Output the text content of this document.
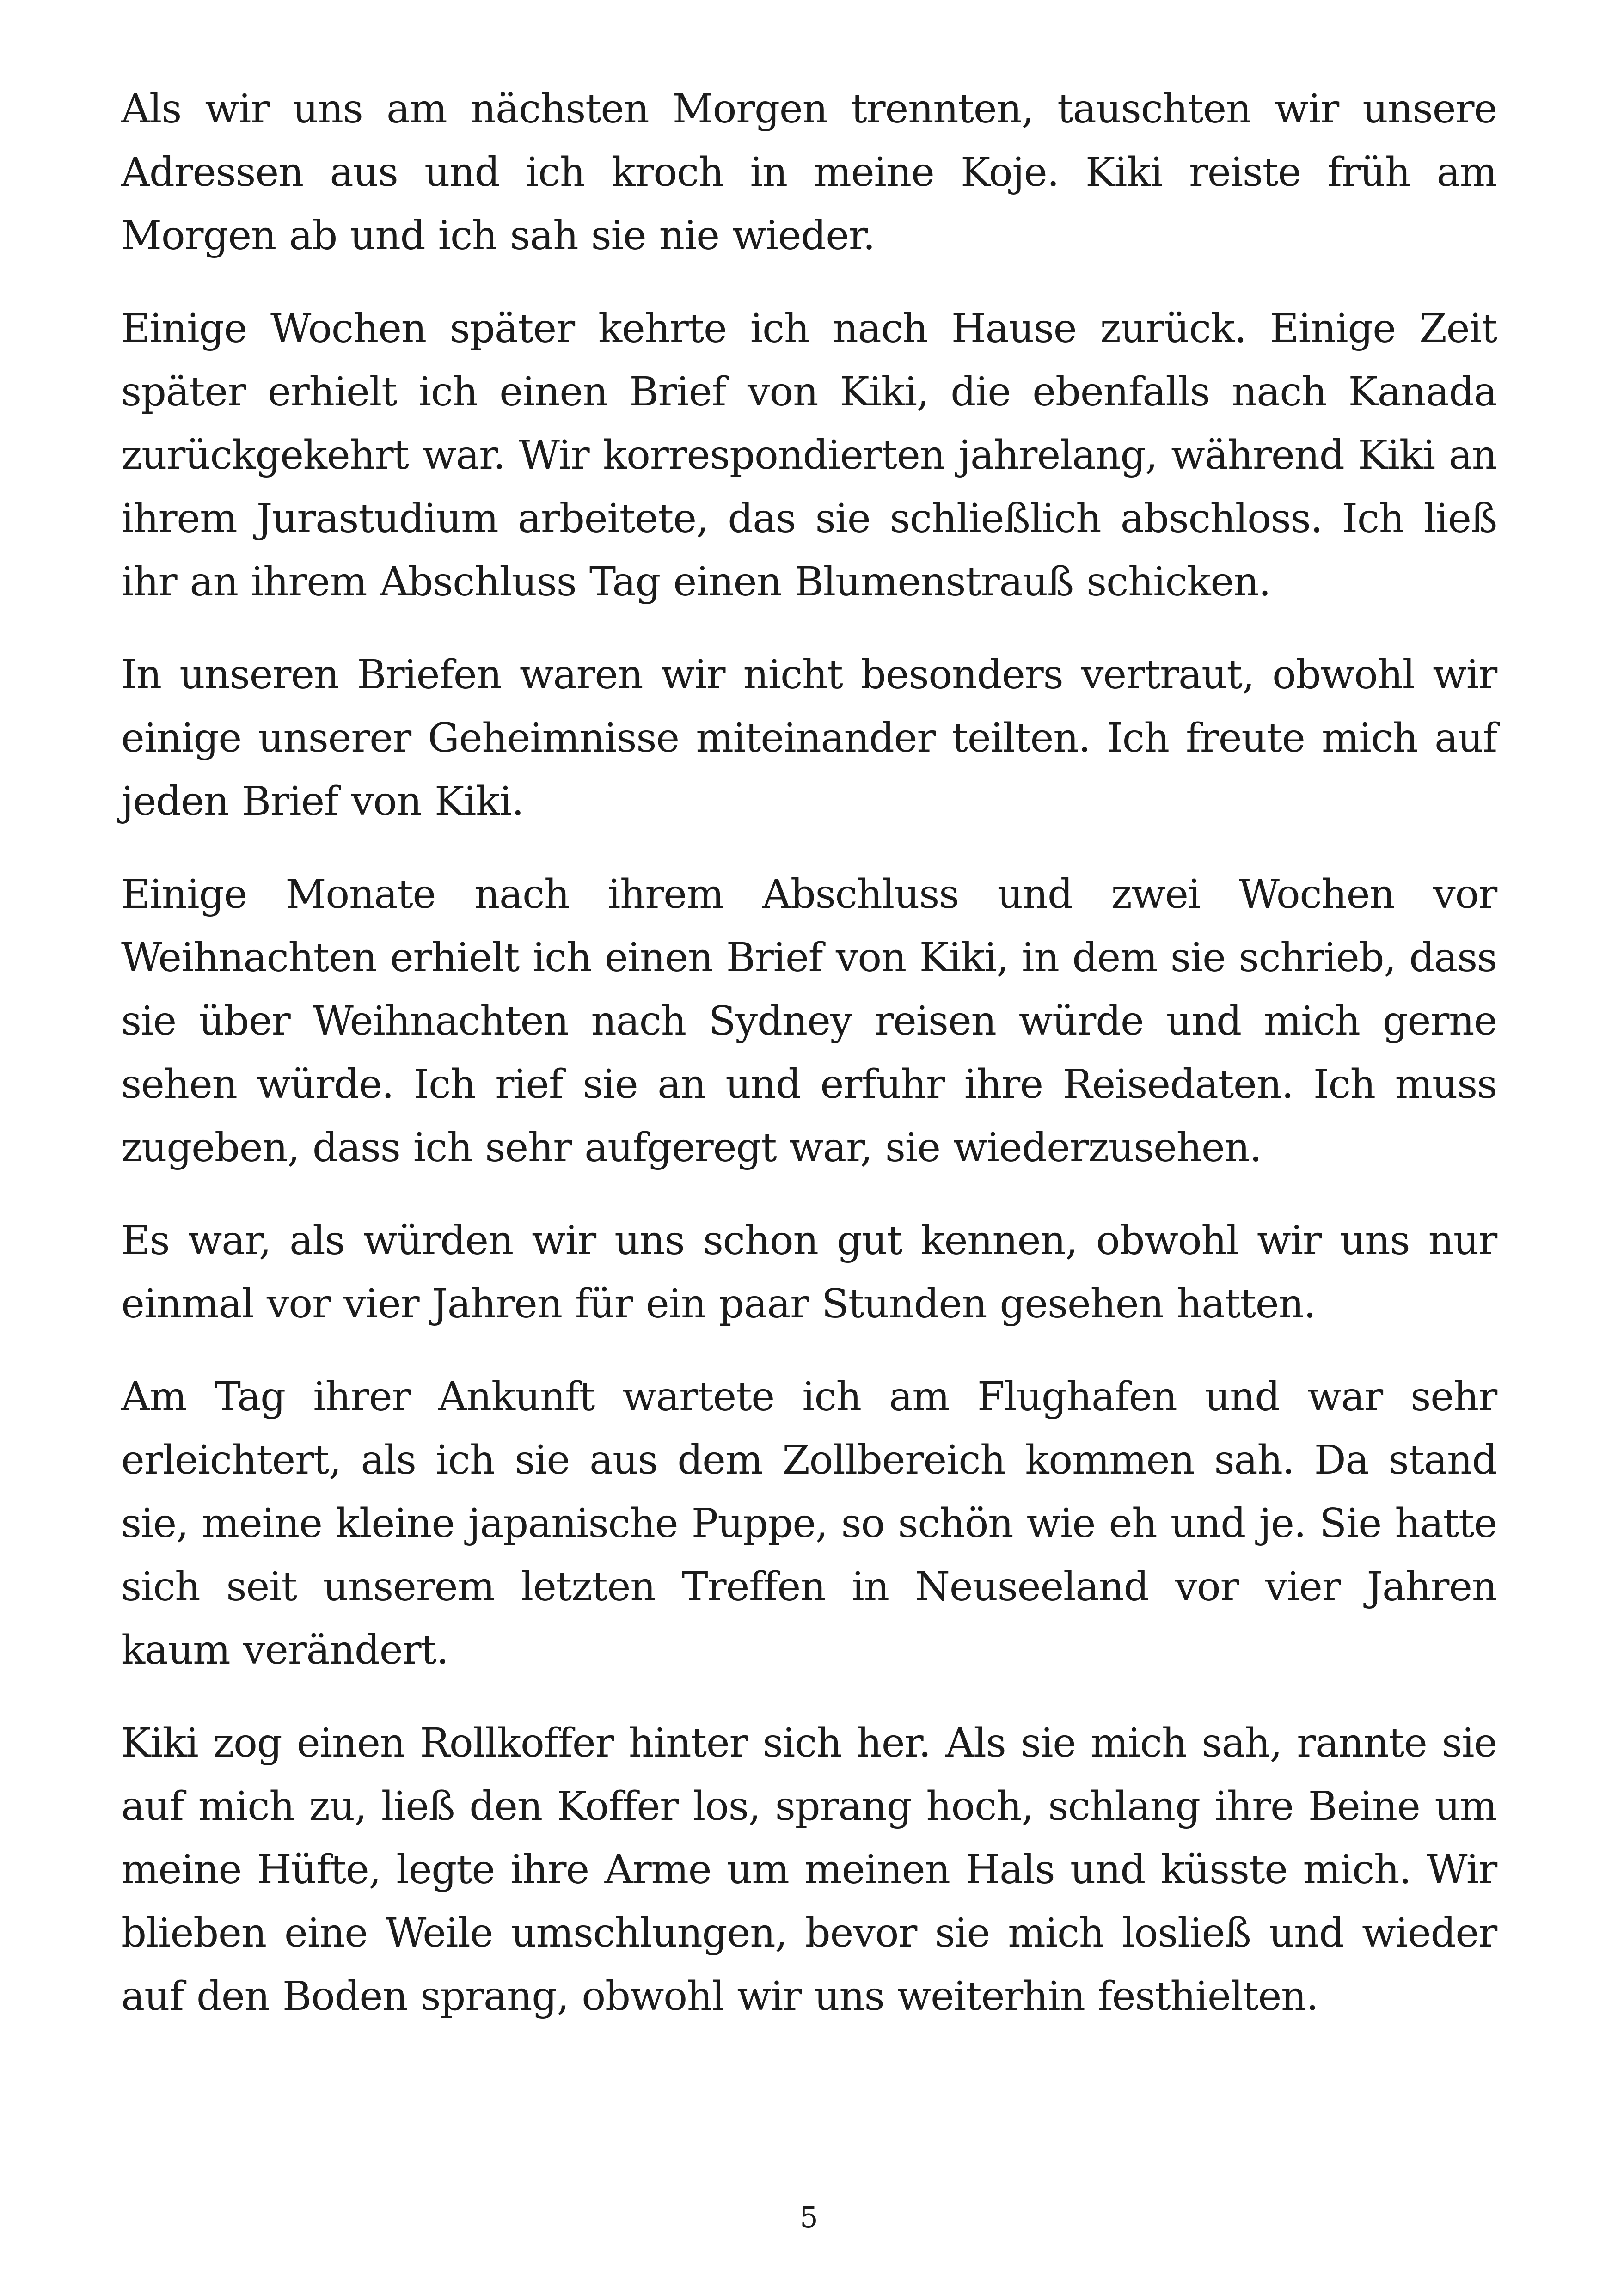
Als wir uns am nächsten Morgen trennten, tauschten wir unsere Adressen aus und ich kroch in meine Koje. Kiki reiste früh am Morgen ab und ich sah sie nie wieder.

Einige Wochen später kehrte ich nach Hause zurück. Einige Zeit später erhielt ich einen Brief von Kiki, die ebenfalls nach Kanada zurückgekehrt war. Wir korrespondierten jahrelang, während Kiki an ihrem Jurastudium arbeitete, das sie schließlich abschloss. Ich ließ ihr an ihrem Abschluss Tag einen Blumenstrauß schicken.

In unseren Briefen waren wir nicht besonders vertraut, obwohl wir einige unserer Geheimnisse miteinander teilten. Ich freute mich auf jeden Brief von Kiki.

Einige Monate nach ihrem Abschluss und zwei Wochen vor Weihnachten erhielt ich einen Brief von Kiki, in dem sie schrieb, dass sie über Weihnachten nach Sydney reisen würde und mich gerne sehen würde. Ich rief sie an und erfuhr ihre Reisedaten. Ich muss zugeben, dass ich sehr aufgeregt war, sie wiederzusehen.

Es war, als würden wir uns schon gut kennen, obwohl wir uns nur einmal vor vier Jahren für ein paar Stunden gesehen hatten.

Am Tag ihrer Ankunft wartete ich am Flughafen und war sehr erleichtert, als ich sie aus dem Zollbereich kommen sah. Da stand sie, meine kleine japanische Puppe, so schön wie eh und je. Sie hatte sich seit unserem letzten Treffen in Neuseeland vor vier Jahren kaum verändert.

Kiki zog einen Rollkoffer hinter sich her. Als sie mich sah, rannte sie auf mich zu, ließ den Koffer los, sprang hoch, schlang ihre Beine um meine Hüfte, legte ihre Arme um meinen Hals und küsste mich. Wir blieben eine Weile umschlungen, bevor sie mich losließ und wieder auf den Boden sprang, obwohl wir uns weiterhin festhielten.

5
